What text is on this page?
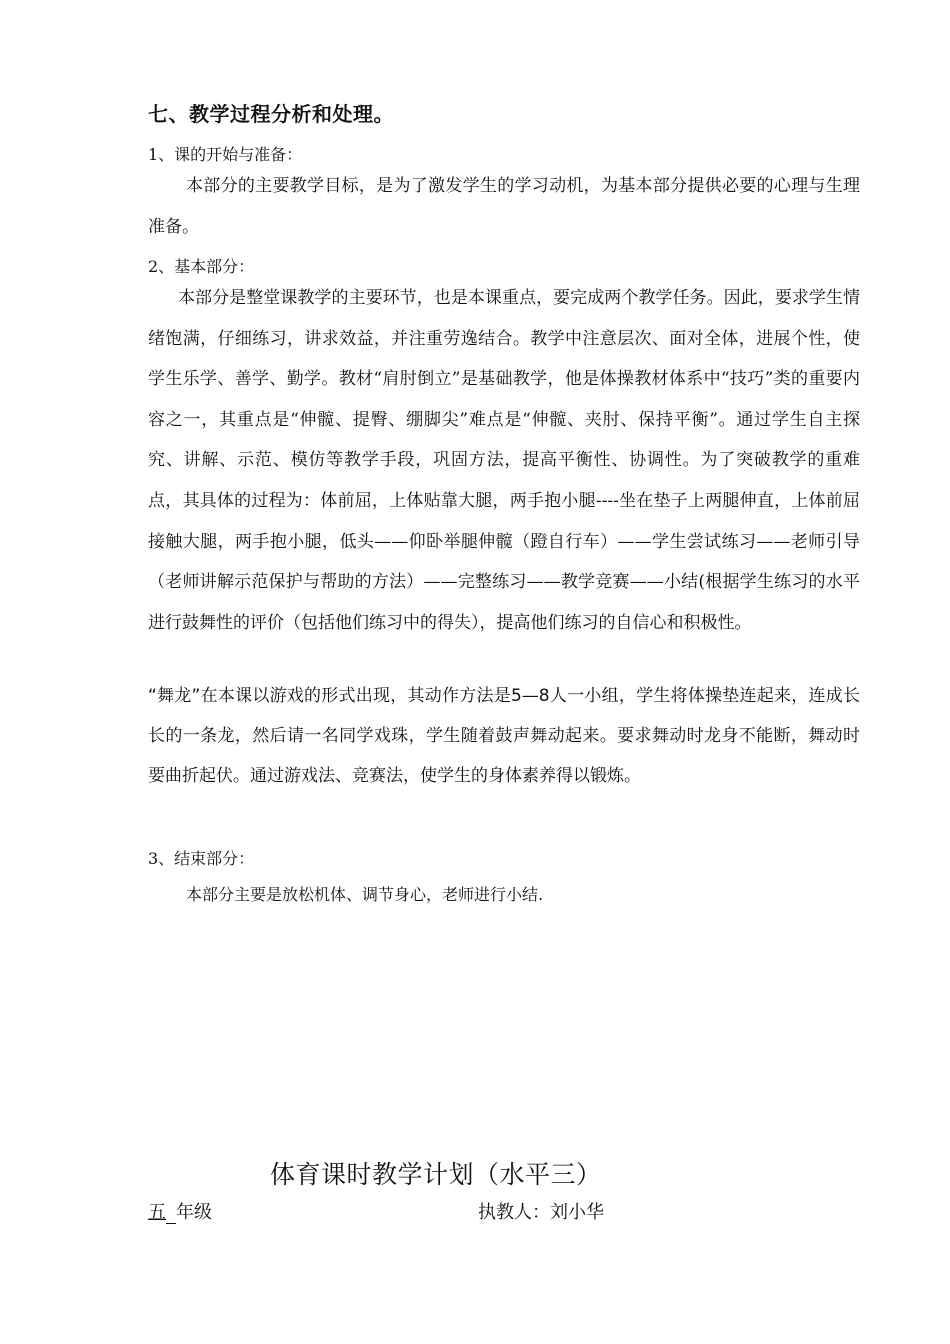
七、教学过程分析和处理。
1、课的开始与准备：
本部分的主要教学目标，是为了激发学生的学习动机，为基本部分提供必要的心理与生理准备。
2、基本部分：
本部分是整堂课教学的主要环节，也是本课重点，要完成两个教学任务。因此，要求学生情绪饱满，仔细练习，讲求效益，并注重劳逸结合。教学中注意层次、面对全体，进展个性，使学生乐学、善学、勤学。教材“肩肘倒立”是基础教学，他是体操教材体系中“技巧”类的重要内容之一，其重点是“伸髋、提臀、绷脚尖”难点是“伸髋、夹肘、保持平衡”。通过学生自主探究、讲解、示范、模仿等教学手段，巩固方法，提高平衡性、协调性。为了突破教学的重难点，其具体的过程为：体前屈，上体贴靠大腿，两手抱小腿----坐在垫子上两腿伸直，上体前屈接触大腿，两手抱小腿，低头——仰卧举腿伸髋（蹬自行车）——学生尝试练习——老师引导（老师讲解示范保护与帮助的方法）——完整练习——教学竞赛——小结(根据学生练习的水平进行鼓舞性的评价（包括他们练习中的得失），提高他们练习的自信心和积极性。
“舞龙”在本课以游戏的形式出现，其动作方法是5—8人一小组，学生将体操垫连起来，连成长长的一条龙，然后请一名同学戏珠，学生随着鼓声舞动起来。要求舞动时龙身不能断，舞动时要曲折起伏。通过游戏法、竞赛法，使学生的身体素养得以锻炼。
3、结束部分：
本部分主要是放松机体、调节身心，老师进行小结.
体育课时教学计划（水平三）
五 年级	执教人：刘小华
